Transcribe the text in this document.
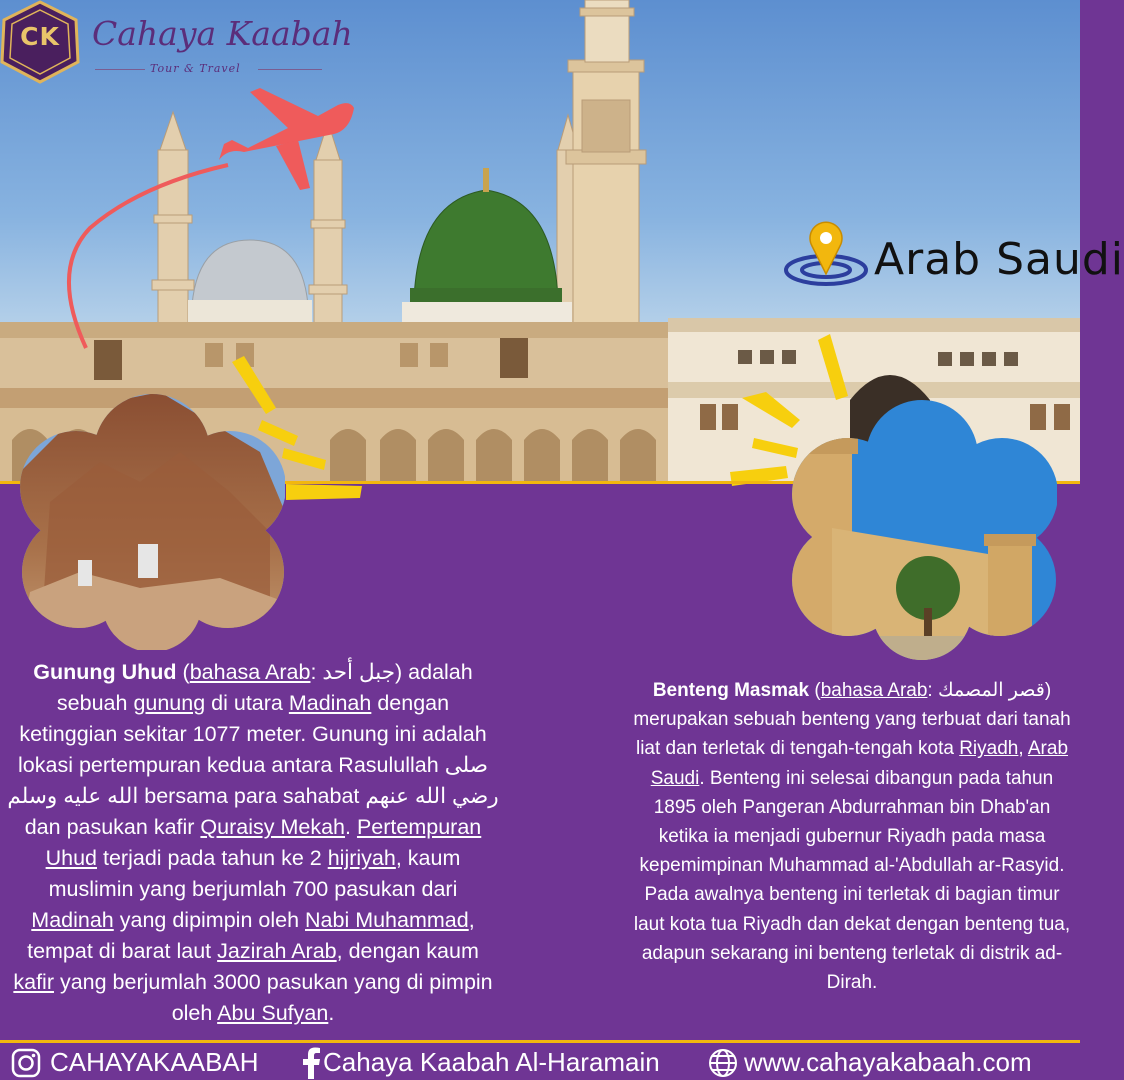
CK Cahaya Kaabah
Tour & Travel
Arab Saudi
Gunung Uhud (bahasa Arab: جبل أحد) adalah sebuah gunung di utara Madinah dengan ketinggian sekitar 1077 meter. Gunung ini adalah lokasi pertempuran kedua antara Rasulullah صلى الله عليه وسلم bersama para sahabat رضي الله عنهم dan pasukan kafir Quraisy Mekah. Pertempuran Uhud terjadi pada tahun ke 2 hijriyah, kaum muslimin yang berjumlah 700 pasukan dari Madinah yang dipimpin oleh Nabi Muhammad, tempat di barat laut Jazirah Arab, dengan kaum kafir yang berjumlah 3000 pasukan yang di pimpin oleh Abu Sufyan.
Benteng Masmak (bahasa Arab: قصر المصمك) merupakan sebuah benteng yang terbuat dari tanah liat dan terletak di tengah-tengah kota Riyadh, Arab Saudi. Benteng ini selesai dibangun pada tahun 1895 oleh Pangeran Abdurrahman bin Dhab'an ketika ia menjadi gubernur Riyadh pada masa kepemimpinan Muhammad al-'Abdullah ar-Rasyid. Pada awalnya benteng ini terletak di bagian timur laut kota tua Riyadh dan dekat dengan benteng tua, adapun sekarang ini benteng terletak di distrik ad-Dirah.
CAHAYAKAABAH Cahaya Kaabah Al-Haramain	www.cahayakabaah.com
